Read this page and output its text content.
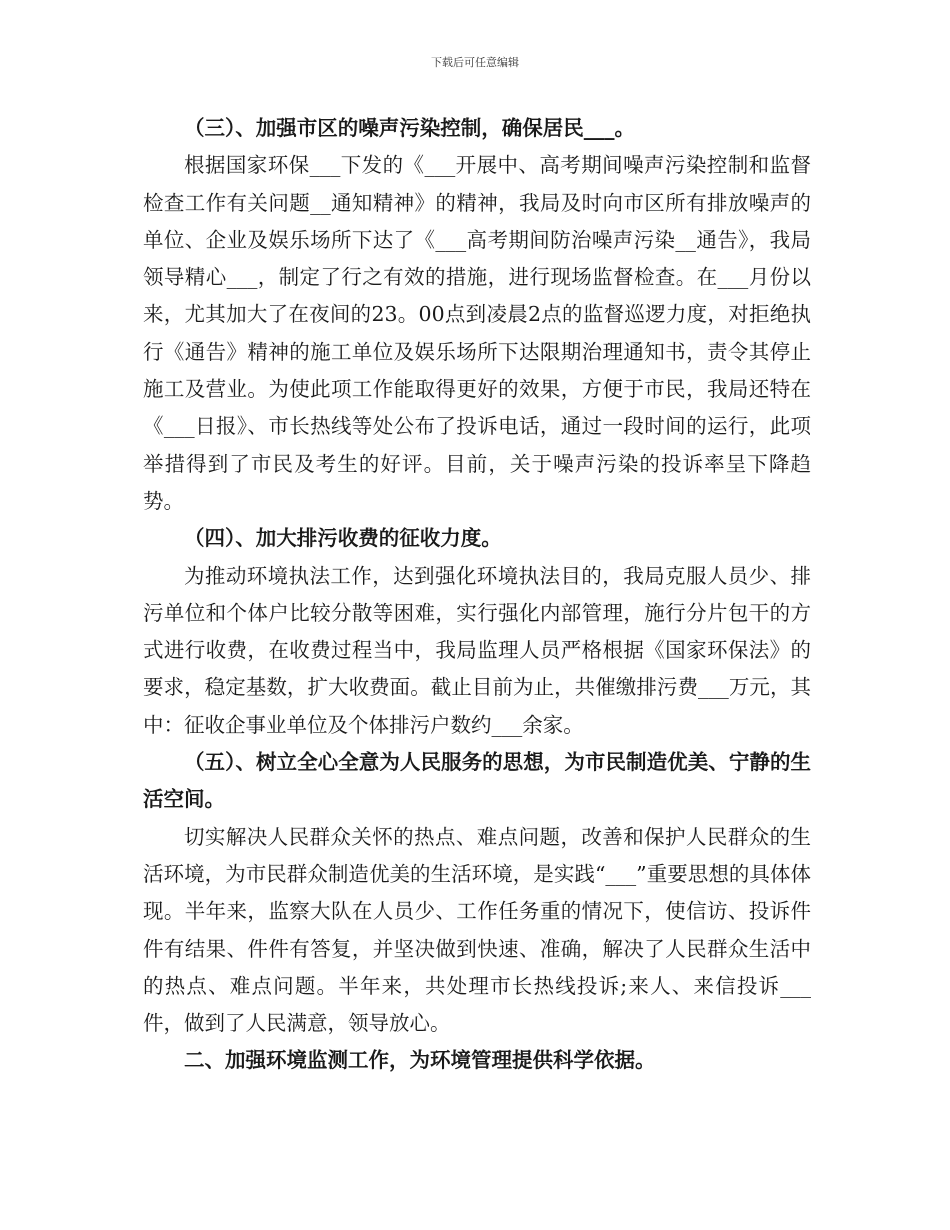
下载后可任意编辑

（三）、加强市区的噪声污染控制，确保居民___。

根据国家环保___下发的《___开展中、高考期间噪声污染控制和监督检查工作有关问题__通知精神》的精神，我局及时向市区所有排放噪声的单位、企业及娱乐场所下达了《___高考期间防治噪声污染__通告》，我局领导精心___，制定了行之有效的措施，进行现场监督检查。在___月份以来，尤其加大了在夜间的23。00点到凌晨2点的监督巡逻力度，对拒绝执行《通告》精神的施工单位及娱乐场所下达限期治理通知书，责令其停止施工及营业。为使此项工作能取得更好的效果，方便于市民，我局还特在《___日报》、市长热线等处公布了投诉电话，通过一段时间的运行，此项举措得到了市民及考生的好评。目前，关于噪声污染的投诉率呈下降趋势。

（四）、加大排污收费的征收力度。

为推动环境执法工作，达到强化环境执法目的，我局克服人员少、排污单位和个体户比较分散等困难，实行强化内部管理，施行分片包干的方式进行收费，在收费过程当中，我局监理人员严格根据《国家环保法》的要求，稳定基数，扩大收费面。截止目前为止，共催缴排污费___万元，其中：征收企事业单位及个体排污户数约___余家。

（五）、树立全心全意为人民服务的思想，为市民制造优美、宁静的生活空间。

切实解决人民群众关怀的热点、难点问题，改善和保护人民群众的生活环境，为市民群众制造优美的生活环境，是实践“___”重要思想的具体体现。半年来，监察大队在人员少、工作任务重的情况下，使信访、投诉件件有结果、件件有答复，并坚决做到快速、准确，解决了人民群众生活中的热点、难点问题。半年来，共处理市长热线投诉;来人、来信投诉___件，做到了人民满意，领导放心。

二、加强环境监测工作，为环境管理提供科学依据。
